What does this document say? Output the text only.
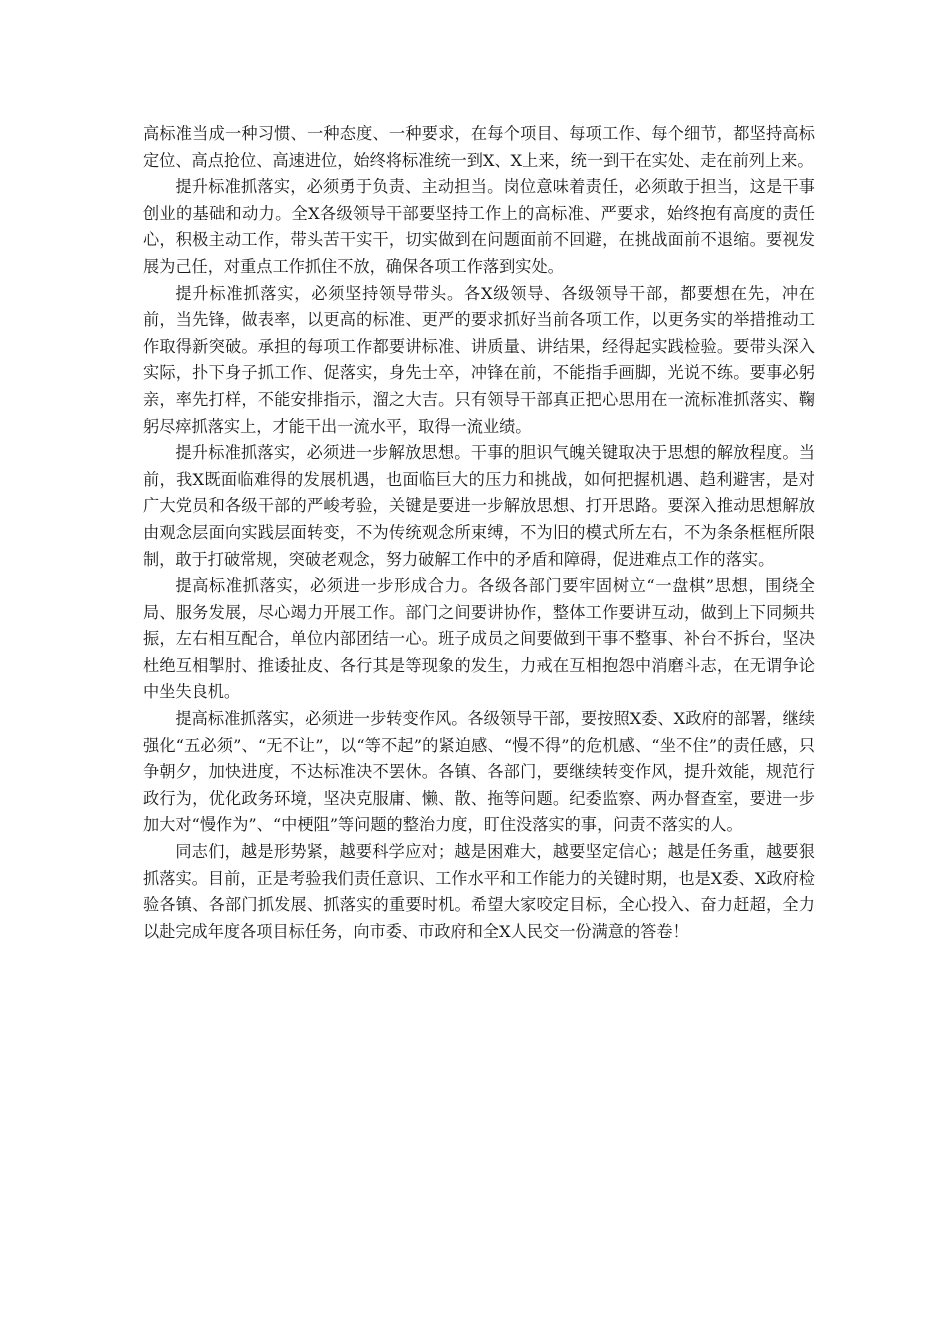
高标准当成一种习惯、一种态度、一种要求，在每个项目、每项工作、每个细节，都坚持高标定位、高点抢位、高速进位，始终将标准统一到X、X上来，统一到干在实处、走在前列上来。

提升标准抓落实，必须勇于负责、主动担当。岗位意味着责任，必须敢于担当，这是干事创业的基础和动力。全X各级领导干部要坚持工作上的高标准、严要求，始终抱有高度的责任心，积极主动工作，带头苦干实干，切实做到在问题面前不回避，在挑战面前不退缩。要视发展为己任，对重点工作抓住不放，确保各项工作落到实处。

提升标准抓落实，必须坚持领导带头。各X级领导、各级领导干部，都要想在先，冲在前，当先锋，做表率，以更高的标准、更严的要求抓好当前各项工作，以更务实的举措推动工作取得新突破。承担的每项工作都要讲标准、讲质量、讲结果，经得起实践检验。要带头深入实际，扑下身子抓工作、促落实，身先士卒，冲锋在前，不能指手画脚，光说不练。要事必躬亲，率先打样，不能安排指示，溜之大吉。只有领导干部真正把心思用在一流标准抓落实、鞠躬尽瘁抓落实上，才能干出一流水平，取得一流业绩。

提升标准抓落实，必须进一步解放思想。干事的胆识气魄关键取决于思想的解放程度。当前，我X既面临难得的发展机遇，也面临巨大的压力和挑战，如何把握机遇、趋利避害，是对广大党员和各级干部的严峻考验，关键是要进一步解放思想、打开思路。要深入推动思想解放由观念层面向实践层面转变，不为传统观念所束缚，不为旧的模式所左右，不为条条框框所限制，敢于打破常规，突破老观念，努力破解工作中的矛盾和障碍，促进难点工作的落实。

提高标准抓落实，必须进一步形成合力。各级各部门要牢固树立“一盘棋”思想，围绕全局、服务发展，尽心竭力开展工作。部门之间要讲协作，整体工作要讲互动，做到上下同频共振，左右相互配合，单位内部团结一心。班子成员之间要做到干事不整事、补台不拆台，坚决杜绝互相掣肘、推诿扯皮、各行其是等现象的发生，力戒在互相抱怨中消磨斗志，在无谓争论中坐失良机。

提高标准抓落实，必须进一步转变作风。各级领导干部，要按照X委、X政府的部署，继续强化“五必须”、“无不让”，以“等不起”的紧迫感、“慢不得”的危机感、“坐不住”的责任感，只争朝夕，加快进度，不达标准决不罢休。各镇、各部门，要继续转变作风，提升效能，规范行政行为，优化政务环境，坚决克服庸、懒、散、拖等问题。纪委监察、两办督查室，要进一步加大对“慢作为”、“中梗阻”等问题的整治力度，盯住没落实的事，问责不落实的人。

同志们，越是形势紧，越要科学应对；越是困难大，越要坚定信心；越是任务重，越要狠抓落实。目前，正是考验我们责任意识、工作水平和工作能力的关键时期，也是X委、X政府检验各镇、各部门抓发展、抓落实的重要时机。希望大家咬定目标，全心投入、奋力赶超，全力以赴完成年度各项目标任务，向市委、市政府和全X人民交一份满意的答卷！
